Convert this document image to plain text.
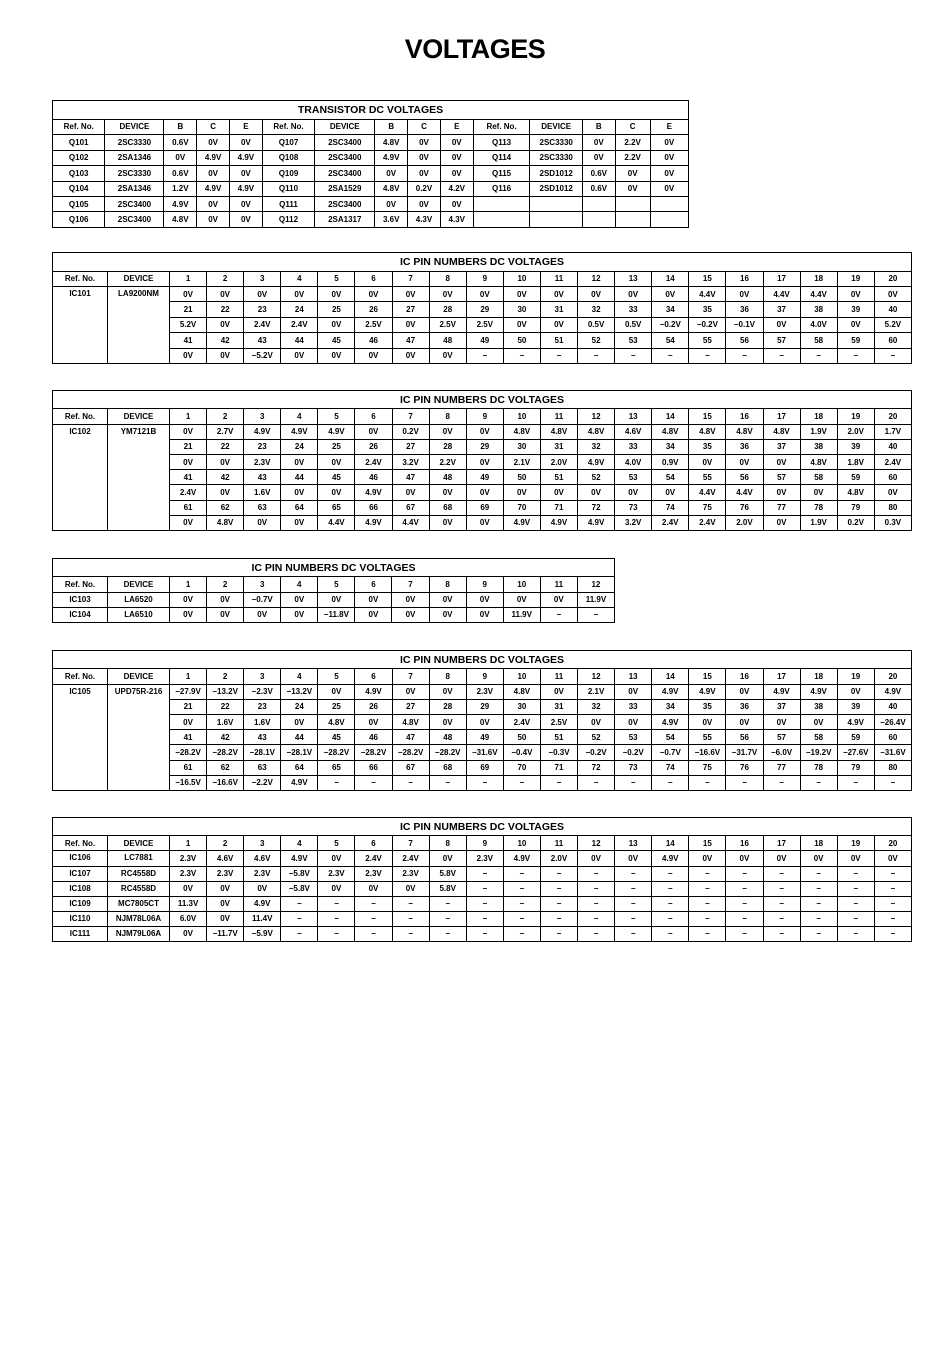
VOLTAGES
TRANSISTOR DC VOLTAGES														
Ref. No.	DEVICE	B	C	E	Ref. No.	DEVICE	B	C	E	Ref. No.	DEVICE	B	C	E
Q101	2SC3330	0.6V	0V	0V	Q107	2SC3400	4.8V	0V	0V	Q113	2SC3330	0V	2.2V	0V
Q102	2SA1346	0V	4.9V	4.9V	Q108	2SC3400	4.9V	0V	0V	Q114	2SC3330	0V	2.2V	0V
Q103	2SC3330	0.6V	0V	0V	Q109	2SC3400	0V	0V	0V	Q115	2SD1012	0.6V	0V	0V
Q104	2SA1346	1.2V	4.9V	4.9V	Q110	2SA1529	4.8V	0.2V	4.2V	Q116	2SD1012	0.6V	0V	0V
Q105	2SC3400	4.9V	0V	0V	Q111	2SC3400	0V	0V	0V					
Q106	2SC3400	4.8V	0V	0V	Q112	2SA1317	3.6V	4.3V	4.3V					
IC PIN NUMBERS DC VOLTAGES																					
Ref. No.	DEVICE	1	2	3	4	5	6	7	8	9	10	11	12	13	14	15	16	17	18	19	20
IC101	LA9200NM	0V	0V	0V	0V	0V	0V	0V	0V	0V	0V	0V	0V	0V	0V	4.4V	0V	4.4V	4.4V	0V	0V
		21	22	23	24	25	26	27	28	29	30	31	32	33	34	35	36	37	38	39	40
		5.2V	0V	2.4V	2.4V	0V	2.5V	0V	2.5V	2.5V	0V	0V	0.5V	0.5V	−0.2V	−0.2V	−0.1V	0V	4.0V	0V	5.2V
		41	42	43	44	45	46	47	48	49	50	51	52	53	54	55	56	57	58	59	60
		0V	0V	−5.2V	0V	0V	0V	0V	0V	−	−	−	−	−	−	−	−	−	−	−	−
IC PIN NUMBERS DC VOLTAGES																					
Ref. No.	DEVICE	1	2	3	4	5	6	7	8	9	10	11	12	13	14	15	16	17	18	19	20
IC102	YM7121B	0V	2.7V	4.9V	4.9V	4.9V	0V	0.2V	0V	0V	4.8V	4.8V	4.8V	4.6V	4.8V	4.8V	4.8V	4.8V	1.9V	2.0V	1.7V
		21	22	23	24	25	26	27	28	29	30	31	32	33	34	35	36	37	38	39	40
		0V	0V	2.3V	0V	0V	2.4V	3.2V	2.2V	0V	2.1V	2.0V	4.9V	4.0V	0.9V	0V	0V	0V	4.8V	1.8V	2.4V
		41	42	43	44	45	46	47	48	49	50	51	52	53	54	55	56	57	58	59	60
		2.4V	0V	1.6V	0V	0V	4.9V	0V	0V	0V	0V	0V	0V	0V	0V	4.4V	4.4V	0V	0V	4.8V	0V
		61	62	63	64	65	66	67	68	69	70	71	72	73	74	75	76	77	78	79	80
		0V	4.8V	0V	0V	4.4V	4.9V	4.4V	0V	0V	4.9V	4.9V	4.9V	3.2V	2.4V	2.4V	2.0V	0V	1.9V	0.2V	0.3V
IC PIN NUMBERS DC VOLTAGES													
Ref. No.	DEVICE	1	2	3	4	5	6	7	8	9	10	11	12
IC103	LA6520	0V	0V	−0.7V	0V	0V	0V	0V	0V	0V	0V	0V	11.9V
IC104	LA6510	0V	0V	0V	0V	−11.8V	0V	0V	0V	0V	11.9V	−	−
IC PIN NUMBERS DC VOLTAGES																					
Ref. No.	DEVICE	1	2	3	4	5	6	7	8	9	10	11	12	13	14	15	16	17	18	19	20
IC105	UPD75R-216	−27.9V	−13.2V	−2.3V	−13.2V	0V	4.9V	0V	0V	2.3V	4.8V	0V	2.1V	0V	4.9V	4.9V	0V	4.9V	4.9V	0V	4.9V
		21	22	23	24	25	26	27	28	29	30	31	32	33	34	35	36	37	38	39	40
		0V	1.6V	1.6V	0V	4.8V	0V	4.8V	0V	0V	2.4V	2.5V	0V	0V	4.9V	0V	0V	0V	0V	4.9V	−26.4V
		41	42	43	44	45	46	47	48	49	50	51	52	53	54	55	56	57	58	59	60
		−28.2V	−28.2V	−28.1V	−28.1V	−28.2V	−28.2V	−28.2V	−28.2V	−31.6V	−0.4V	−0.3V	−0.2V	−0.2V	−0.7V	−16.6V	−31.7V	−6.0V	−19.2V	−27.6V	−31.6V
		61	62	63	64	65	66	67	68	69	70	71	72	73	74	75	76	77	78	79	80
		−16.5V	−16.6V	−2.2V	4.9V	−	−	−	−	−	−	−	−	−	−	−	−	−	−	−	−
IC PIN NUMBERS DC VOLTAGES																					
Ref. No.	DEVICE	1	2	3	4	5	6	7	8	9	10	11	12	13	14	15	16	17	18	19	20
IC106	LC7881	2.3V	4.6V	4.6V	4.9V	0V	2.4V	2.4V	0V	2.3V	4.9V	2.0V	0V	0V	4.9V	0V	0V	0V	0V	0V	0V
IC107	RC4558D	2.3V	2.3V	2.3V	−5.8V	2.3V	2.3V	2.3V	5.8V	−	−	−	−	−	−	−	−	−	−	−	−
IC108	RC4558D	0V	0V	0V	−5.8V	0V	0V	0V	5.8V	−	−	−	−	−	−	−	−	−	−	−	−
IC109	MC7805CT	11.3V	0V	4.9V	−	−	−	−	−	−	−	−	−	−	−	−	−	−	−	−	−
IC110	NJM78L06A	6.0V	0V	11.4V	−	−	−	−	−	−	−	−	−	−	−	−	−	−	−	−	−
IC111	NJM79L06A	0V	−11.7V	−5.9V	−	−	−	−	−	−	−	−	−	−	−	−	−	−	−	−	−
